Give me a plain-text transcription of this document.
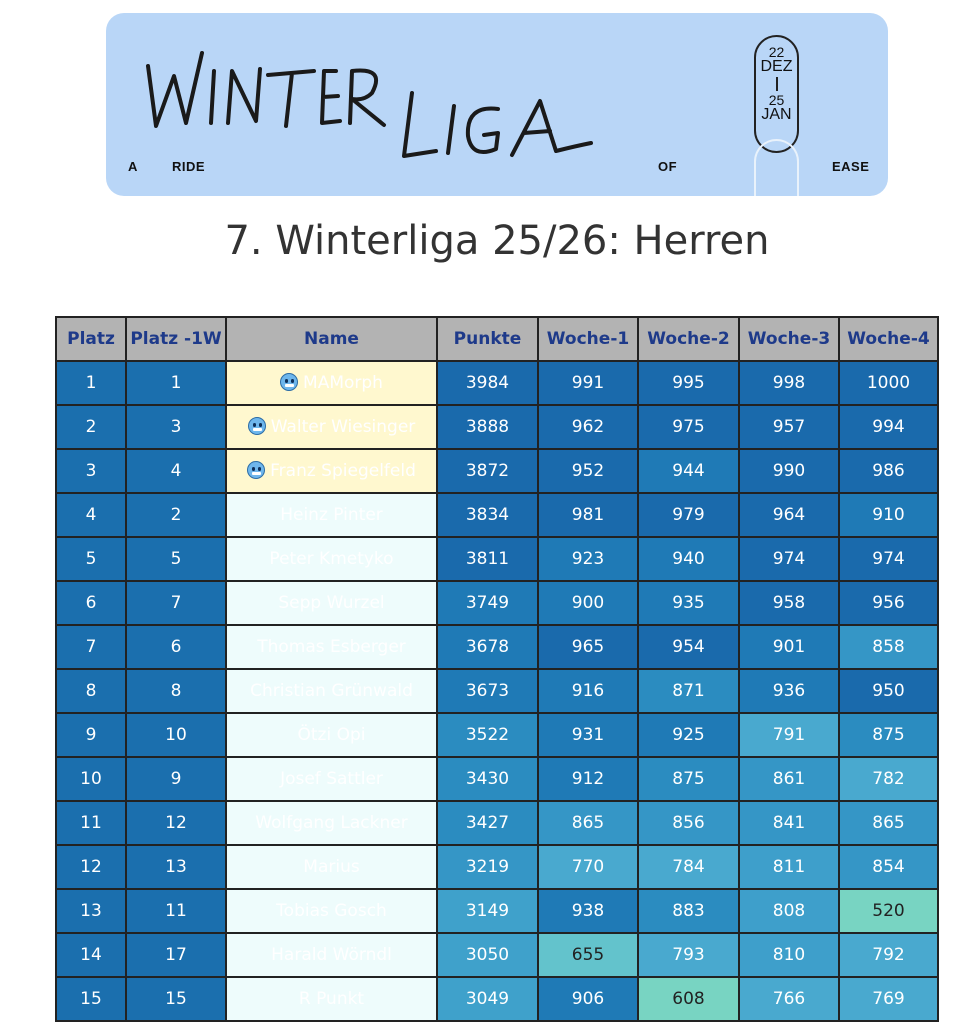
A	RIDE	OF	EASE
22
DEZ
25
JAN
7. Winterliga 25/26: Herren
Platz	Platz -1W	Name	Punkte	Woche-1	Woche-2	Woche-3	Woche-4
1	1	MAMorph	3984	991	995	998	1000
2	3	Walter Wiesinger	3888	962	975	957	994
3	4	Franz Spiegelfeld	3872	952	944	990	986
4	2	Heinz Pinter	3834	981	979	964	910
5	5	Peter Kmetyko	3811	923	940	974	974
6	7	Sepp Wurzel	3749	900	935	958	956
7	6	Thomas Esberger	3678	965	954	901	858
8	8	Christian Grünwald	3673	916	871	936	950
9	10	Ötzi Opi	3522	931	925	791	875
10	9	Josef Sattler	3430	912	875	861	782
11	12	Wolfgang Lackner	3427	865	856	841	865
12	13	Marius	3219	770	784	811	854
13	11	Tobias Gosch	3149	938	883	808	520
14	17	Harald Wörndl	3050	655	793	810	792
15	15	R Punkt	3049	906	608	766	769
